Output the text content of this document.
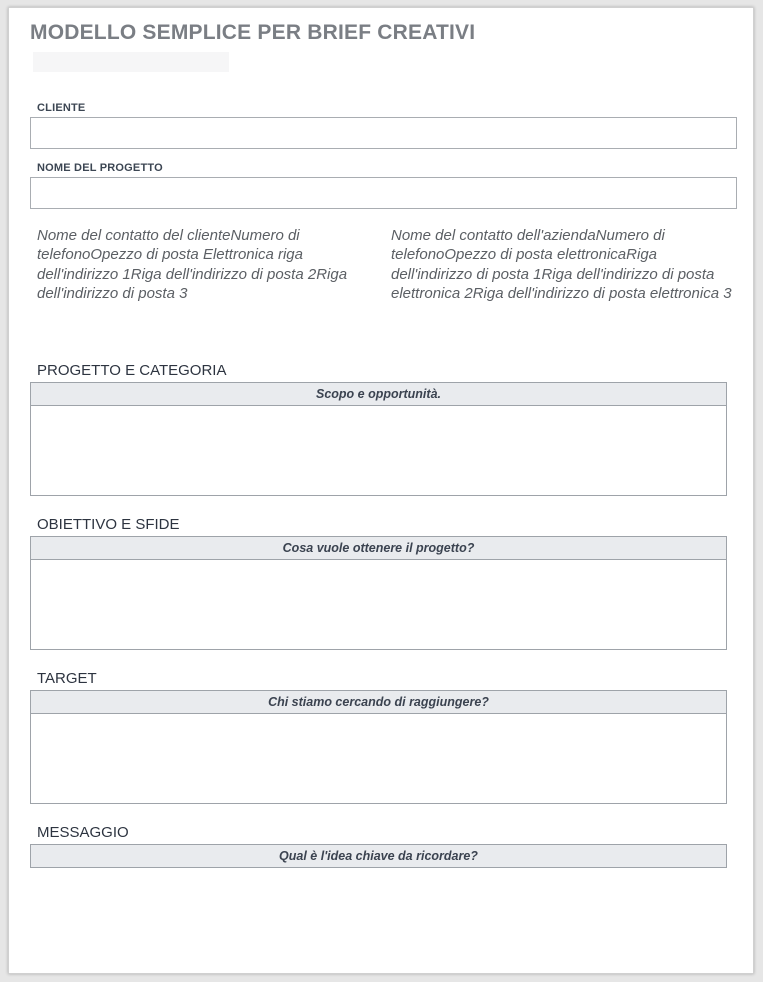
MODELLO SEMPLICE PER BRIEF CREATIVI
CLIENTE
NOME DEL PROGETTO
Nome del contatto del clienteNumero di telefonoOpezzo di posta Elettronica riga dell'indirizzo 1Riga dell'indirizzo di posta 2Riga dell'indirizzo di posta 3
Nome del contatto dell'aziendaNumero di telefonoOpezzo di posta elettronicaRiga dell'indirizzo di posta 1Riga dell'indirizzo di posta elettronica 2Riga dell'indirizzo di posta elettronica 3
PROGETTO E CATEGORIA
Scopo e opportunità.
OBIETTIVO E SFIDE
Cosa vuole ottenere il progetto?
TARGET
Chi stiamo cercando di raggiungere?
MESSAGGIO
Qual è l'idea chiave da ricordare?
